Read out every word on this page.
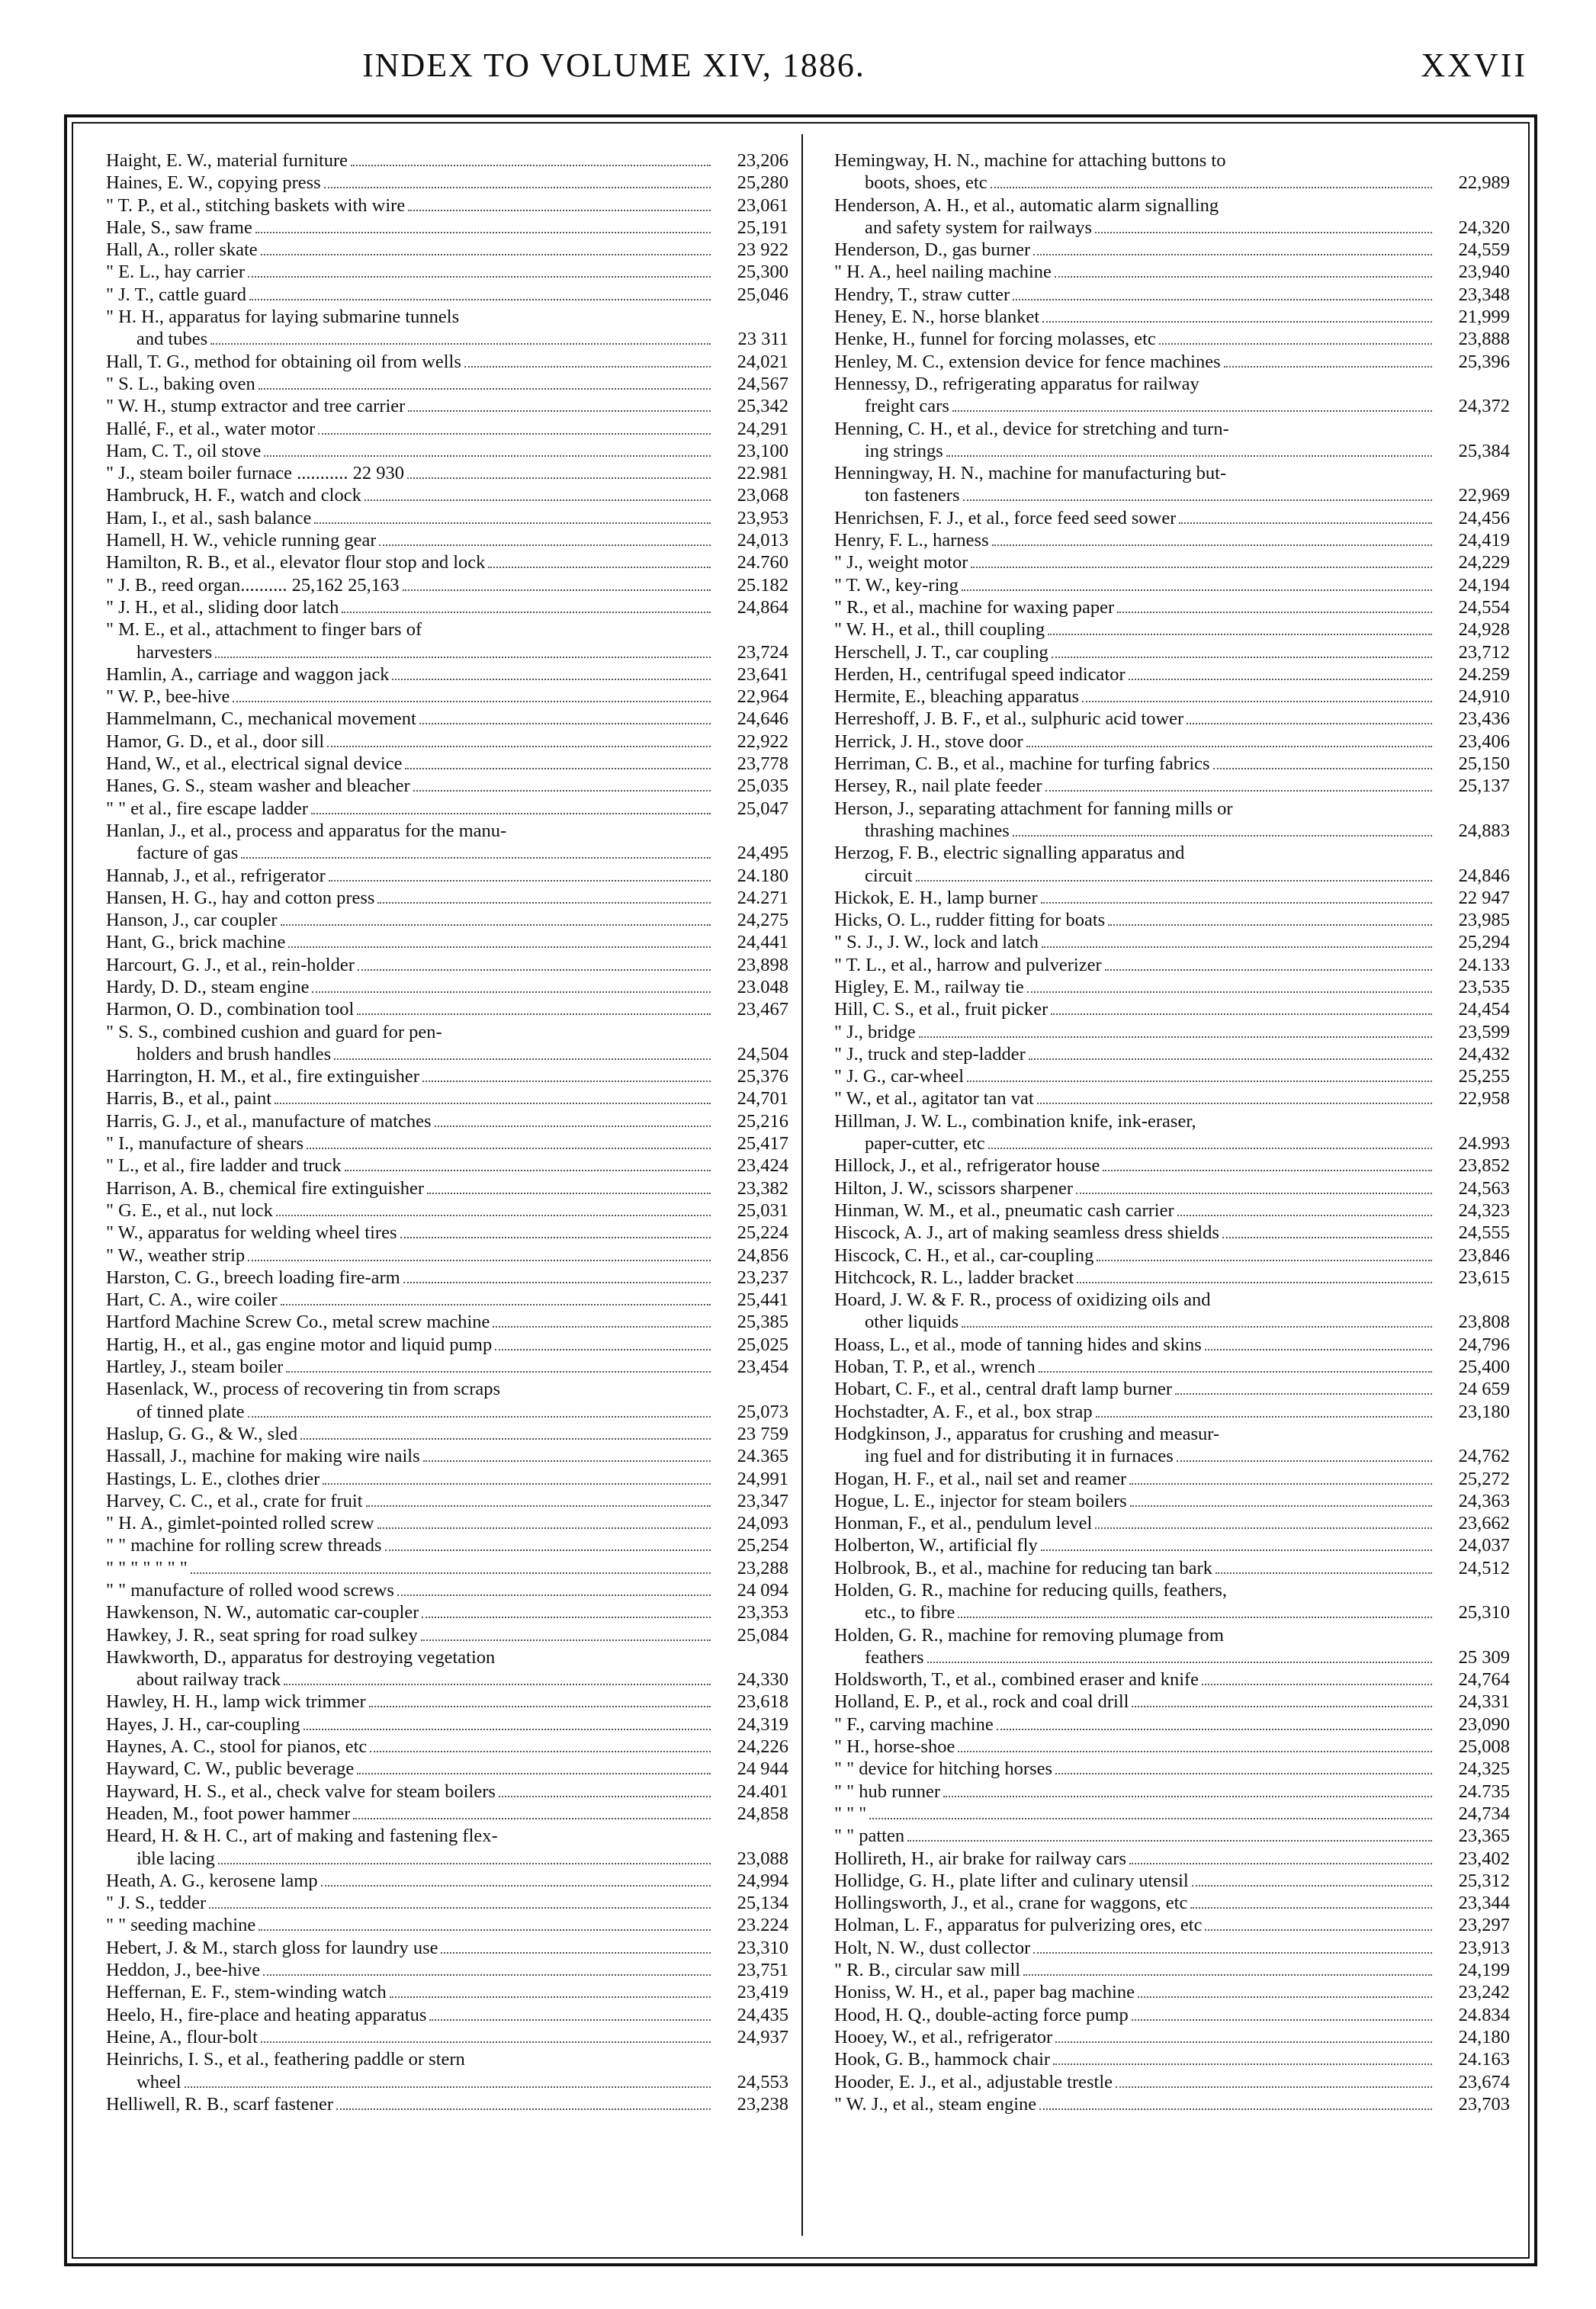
INDEX TO VOLUME XIV, 1886.	XXVII
Haight, E. W., material furniture	23,206
Haines, E. W., copying press	25,280
" T. P., et al., stitching baskets with wire	23,061
Hale, S., saw frame	25,191
Hall, A., roller skate	23 922
" E. L., hay carrier	25,300
" J. T., cattle guard	25,046
" H. H., apparatus for laying submarine tunnels
and tubes	23 311
Hall, T. G., method for obtaining oil from wells	24,021
" S. L., baking oven	24,567
" W. H., stump extractor and tree carrier	25,342
Hallé, F., et al., water motor	24,291
Ham, C. T., oil stove	23,100
" J., steam boiler furnace ........... 22 930	22.981
Hambruck, H. F., watch and clock	23,068
Ham, I., et al., sash balance	23,953
Hamell, H. W., vehicle running gear	24,013
Hamilton, R. B., et al., elevator flour stop and lock	24.760
" J. B., reed organ.......... 25,162 25,163	25.182
" J. H., et al., sliding door latch	24,864
" M. E., et al., attachment to finger bars of
harvesters	23,724
Hamlin, A., carriage and waggon jack	23,641
" W. P., bee-hive	22,964
Hammelmann, C., mechanical movement	24,646
Hamor, G. D., et al., door sill	22,922
Hand, W., et al., electrical signal device	23,778
Hanes, G. S., steam washer and bleacher	25,035
" " et al., fire escape ladder	25,047
Hanlan, J., et al., process and apparatus for the manu-
facture of gas	24,495
Hannab, J., et al., refrigerator	24.180
Hansen, H. G., hay and cotton press	24.271
Hanson, J., car coupler	24,275
Hant, G., brick machine	24,441
Harcourt, G. J., et al., rein-holder	23,898
Hardy, D. D., steam engine	23.048
Harmon, O. D., combination tool	23,467
" S. S., combined cushion and guard for pen-
holders and brush handles	24,504
Harrington, H. M., et al., fire extinguisher	25,376
Harris, B., et al., paint	24,701
Harris, G. J., et al., manufacture of matches	25,216
" I., manufacture of shears	25,417
" L., et al., fire ladder and truck	23,424
Harrison, A. B., chemical fire extinguisher	23,382
" G. E., et al., nut lock	25,031
" W., apparatus for welding wheel tires	25,224
" W., weather strip	24,856
Harston, C. G., breech loading fire-arm	23,237
Hart, C. A., wire coiler	25,441
Hartford Machine Screw Co., metal screw machine	25,385
Hartig, H., et al., gas engine motor and liquid pump	25,025
Hartley, J., steam boiler	23,454
Hasenlack, W., process of recovering tin from scraps
of tinned plate	25,073
Haslup, G. G., & W., sled	23 759
Hassall, J., machine for making wire nails	24.365
Hastings, L. E., clothes drier	24,991
Harvey, C. C., et al., crate for fruit	23,347
" H. A., gimlet-pointed rolled screw	24,093
" " machine for rolling screw threads	25,254
" " " " " " "	23,288
" " manufacture of rolled wood screws	24 094
Hawkenson, N. W., automatic car-coupler	23,353
Hawkey, J. R., seat spring for road sulkey	25,084
Hawkworth, D., apparatus for destroying vegetation
about railway track	24,330
Hawley, H. H., lamp wick trimmer	23,618
Hayes, J. H., car-coupling	24,319
Haynes, A. C., stool for pianos, etc	24,226
Hayward, C. W., public beverage	24 944
Hayward, H. S., et al., check valve for steam boilers	24.401
Headen, M., foot power hammer	24,858
Heard, H. & H. C., art of making and fastening flex-
ible lacing	23,088
Heath, A. G., kerosene lamp	24,994
" J. S., tedder	25,134
" " seeding machine	23.224
Hebert, J. & M., starch gloss for laundry use	23,310
Heddon, J., bee-hive	23,751
Heffernan, E. F., stem-winding watch	23,419
Heelo, H., fire-place and heating apparatus	24,435
Heine, A., flour-bolt	24,937
Heinrichs, I. S., et al., feathering paddle or stern
wheel	24,553
Helliwell, R. B., scarf fastener	23,238
Hemingway, H. N., machine for attaching buttons to
boots, shoes, etc	22,989
Henderson, A. H., et al., automatic alarm signalling
and safety system for railways	24,320
Henderson, D., gas burner	24,559
" H. A., heel nailing machine	23,940
Hendry, T., straw cutter	23,348
Heney, E. N., horse blanket	21,999
Henke, H., funnel for forcing molasses, etc	23,888
Henley, M. C., extension device for fence machines	25,396
Hennessy, D., refrigerating apparatus for railway
freight cars	24,372
Henning, C. H., et al., device for stretching and turn-
ing strings	25,384
Henningway, H. N., machine for manufacturing but-
ton fasteners	22,969
Henrichsen, F. J., et al., force feed seed sower	24,456
Henry, F. L., harness	24,419
" J., weight motor	24,229
" T. W., key-ring	24,194
" R., et al., machine for waxing paper	24,554
" W. H., et al., thill coupling	24,928
Herschell, J. T., car coupling	23,712
Herden, H., centrifugal speed indicator	24.259
Hermite, E., bleaching apparatus	24,910
Herreshoff, J. B. F., et al., sulphuric acid tower	23,436
Herrick, J. H., stove door	23,406
Herriman, C. B., et al., machine for turfing fabrics	25,150
Hersey, R., nail plate feeder	25,137
Herson, J., separating attachment for fanning mills or
thrashing machines	24,883
Herzog, F. B., electric signalling apparatus and
circuit	24,846
Hickok, E. H., lamp burner	22 947
Hicks, O. L., rudder fitting for boats	23,985
" S. J., J. W., lock and latch	25,294
" T. L., et al., harrow and pulverizer	24.133
Higley, E. M., railway tie	23,535
Hill, C. S., et al., fruit picker	24,454
" J., bridge	23,599
" J., truck and step-ladder	24,432
" J. G., car-wheel	25,255
" W., et al., agitator tan vat	22,958
Hillman, J. W. L., combination knife, ink-eraser,
paper-cutter, etc	24.993
Hillock, J., et al., refrigerator house	23,852
Hilton, J. W., scissors sharpener	24,563
Hinman, W. M., et al., pneumatic cash carrier	24,323
Hiscock, A. J., art of making seamless dress shields	24,555
Hiscock, C. H., et al., car-coupling	23,846
Hitchcock, R. L., ladder bracket	23,615
Hoard, J. W. & F. R., process of oxidizing oils and
other liquids	23,808
Hoass, L., et al., mode of tanning hides and skins	24,796
Hoban, T. P., et al., wrench	25,400
Hobart, C. F., et al., central draft lamp burner	24 659
Hochstadter, A. F., et al., box strap	23,180
Hodgkinson, J., apparatus for crushing and measur-
ing fuel and for distributing it in furnaces	24,762
Hogan, H. F., et al., nail set and reamer	25,272
Hogue, L. E., injector for steam boilers	24,363
Honman, F., et al., pendulum level	23,662
Holberton, W., artificial fly	24,037
Holbrook, B., et al., machine for reducing tan bark	24,512
Holden, G. R., machine for reducing quills, feathers,
etc., to fibre	25,310
Holden, G. R., machine for removing plumage from
feathers	25 309
Holdsworth, T., et al., combined eraser and knife	24,764
Holland, E. P., et al., rock and coal drill	24,331
" F., carving machine	23,090
" H., horse-shoe	25,008
" " device for hitching horses	24,325
" " hub runner	24.735
" " "	24,734
" " patten	23,365
Hollireth, H., air brake for railway cars	23,402
Hollidge, G. H., plate lifter and culinary utensil	25,312
Hollingsworth, J., et al., crane for waggons, etc	23,344
Holman, L. F., apparatus for pulverizing ores, etc	23,297
Holt, N. W., dust collector	23,913
" R. B., circular saw mill	24,199
Honiss, W. H., et al., paper bag machine	23,242
Hood, H. Q., double-acting force pump	24.834
Hooey, W., et al., refrigerator	24,180
Hook, G. B., hammock chair	24.163
Hooder, E. J., et al., adjustable trestle	23,674
" W. J., et al., steam engine	23,703
